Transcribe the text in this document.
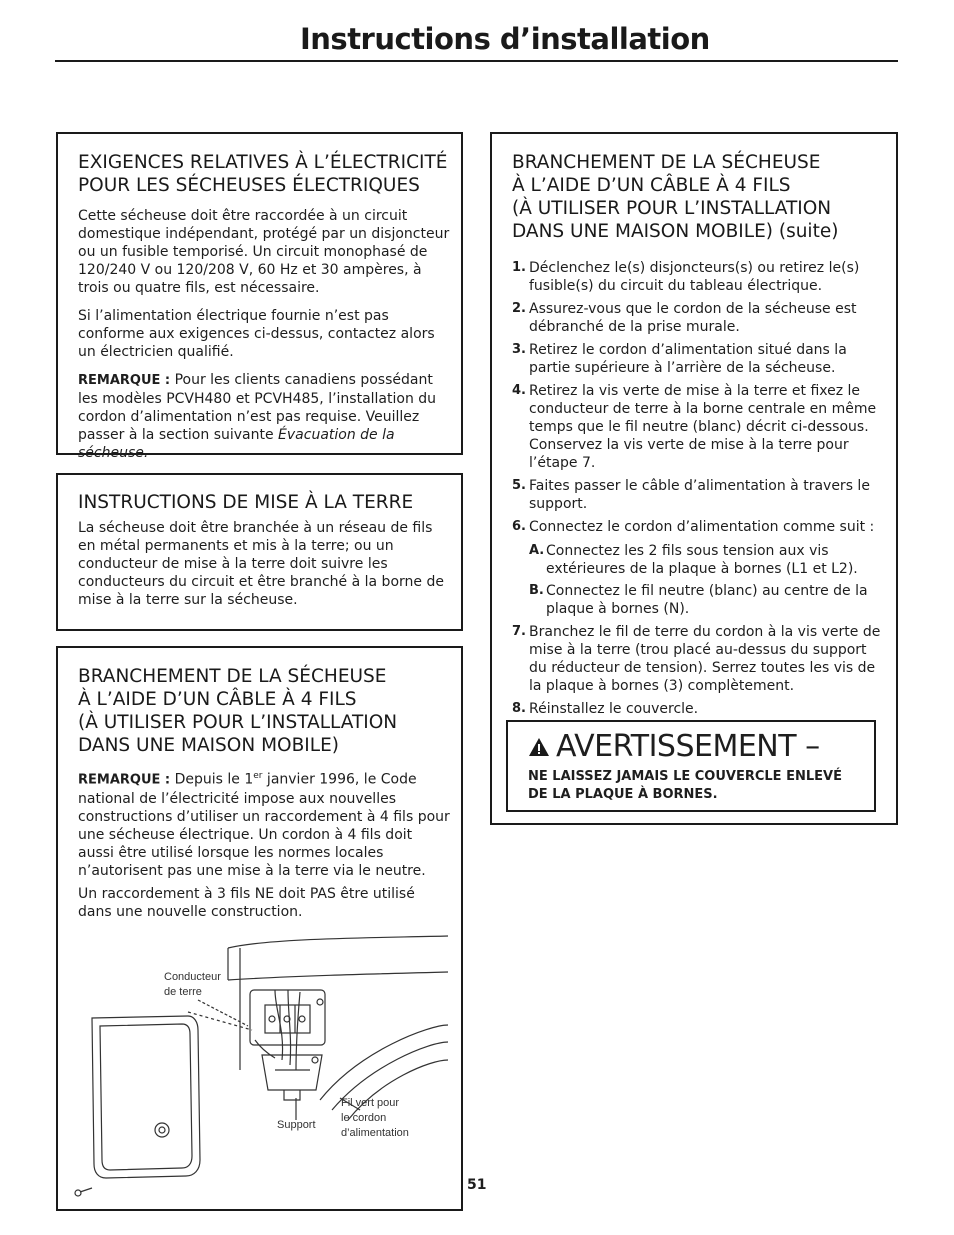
Instructions d’installation
EXIGENCES RELATIVES À L’ÉLECTRICITÉ
POUR LES SÉCHEUSES ÉLECTRIQUES

Cette sécheuse doit être raccordée à un circuit domestique indépendant, protégé par un disjoncteur ou un fusible temporisé. Un circuit monophasé de 120/240 V ou 120/208 V, 60 Hz et 30 ampères, à trois ou quatre fils, est nécessaire.

Si l’alimentation électrique fournie n’est pas conforme aux exigences ci-dessus, contactez alors un électricien qualifié.

REMARQUE : Pour les clients canadiens possédant les modèles PCVH480 et PCVH485, l’installation du cordon d’alimentation n’est pas requise. Veuillez passer à la section suivante Évacuation de la sécheuse.

INSTRUCTIONS DE MISE À LA TERRE

La sécheuse doit être branchée à un réseau de fils en métal permanents et mis à la terre; ou un conducteur de mise à la terre doit suivre les conducteurs du circuit et être branché à la borne de mise à la terre sur la sécheuse.

BRANCHEMENT DE LA SÉCHEUSE
À L’AIDE D’UN CÂBLE À 4 FILS
(À UTILISER POUR L’INSTALLATION
DANS UNE MAISON MOBILE)

REMARQUE : Depuis le 1er janvier 1996, le Code national de l’électricité impose aux nouvelles constructions d’utiliser un raccordement à 4 fils pour une sécheuse électrique. Un cordon à 4 fils doit aussi être utilisé lorsque les normes locales n’autorisent pas une mise à la terre via le neutre.

Un raccordement à 3 fils NE doit PAS être utilisé dans une nouvelle construction.

Conducteur
de terre
Support
Fil vert pour
le cordon
d’alimentation
51
BRANCHEMENT DE LA SÉCHEUSE
À L’AIDE D’UN CÂBLE À 4 FILS
(À UTILISER POUR L’INSTALLATION
DANS UNE MAISON MOBILE) (suite)
1. Déclenchez le(s) disjoncteurs(s) ou retirez le(s) fusible(s) du circuit du tableau électrique.
2. Assurez-vous que le cordon de la sécheuse est débranché de la prise murale.
3. Retirez le cordon d’alimentation situé dans la partie supérieure à l’arrière de la sécheuse.
4. Retirez la vis verte de mise à la terre et fixez le conducteur de terre à la borne centrale en même temps que le fil neutre (blanc) décrit ci-dessous. Conservez la vis verte de mise à la terre pour l’étape 7.
5. Faites passer le câble d’alimentation à travers le support.
6. Connectez le cordon d’alimentation comme suit :
A. Connectez les 2 fils sous tension aux vis extérieures de la plaque à bornes (L1 et L2).
B. Connectez le fil neutre (blanc) au centre de la plaque à bornes (N).
7. Branchez le fil de terre du cordon à la vis verte de mise à la terre (trou placé au-dessus du support du réducteur de tension). Serrez toutes les vis de la plaque à bornes (3) complètement.
8. Réinstallez le couvercle.
AVERTISSEMENT –
NE LAISSEZ JAMAIS LE COUVERCLE ENLEVÉ
DE LA PLAQUE À BORNES.
